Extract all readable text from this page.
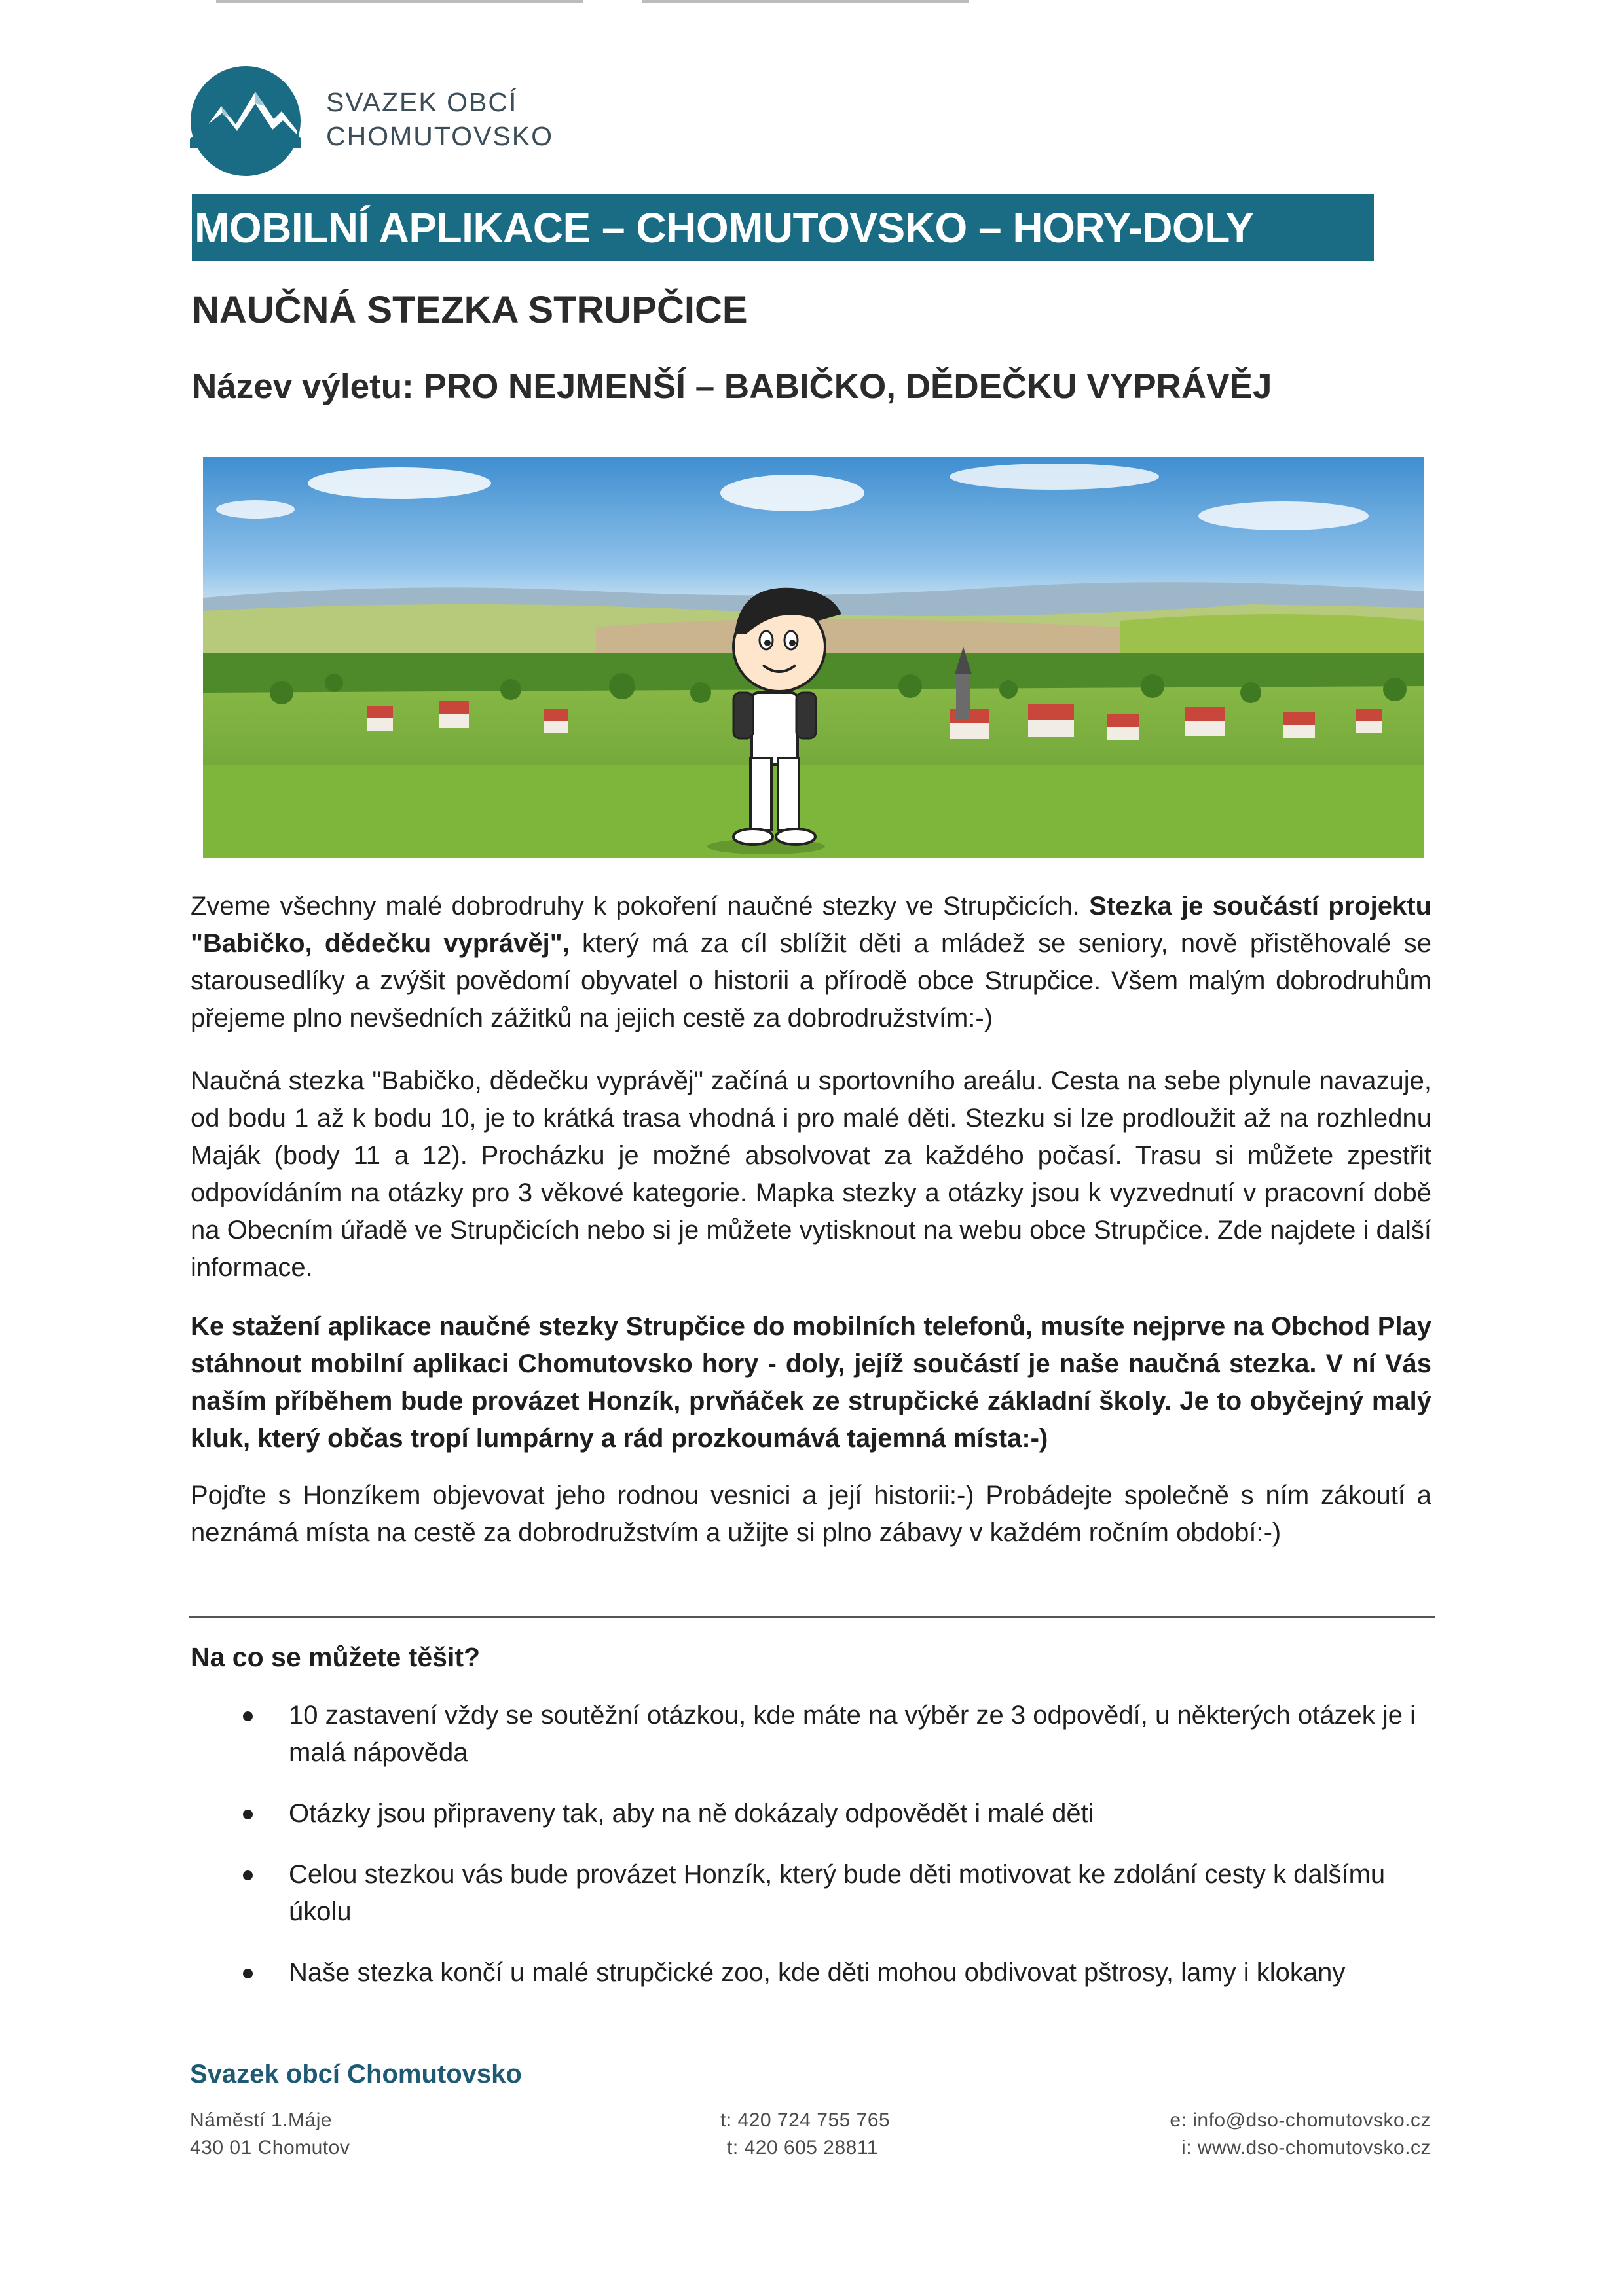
SVAZEK OBCÍ
CHOMUTOVSKO
MOBILNÍ APLIKACE – CHOMUTOVSKO – HORY-DOLY
NAUČNÁ STEZKA STRUPČICE
Název výletu: PRO NEJMENŠÍ – BABIČKO, DĚDEČKU VYPRÁVĚJ
Zveme všechny malé dobrodruhy k pokoření naučné stezky ve Strupčicích. Stezka je součástí projektu "Babičko, dědečku vyprávěj", který má za cíl sblížit děti a mládež se seniory, nově přistěhovalé se starousedlíky a zvýšit povědomí obyvatel o historii a přírodě obce Strupčice. Všem malým dobrodruhům přejeme plno nevšedních zážitků na jejich cestě za dobrodružstvím:-)
Naučná stezka "Babičko, dědečku vyprávěj" začíná u sportovního areálu. Cesta na sebe plynule navazuje, od bodu 1 až k bodu 10, je to krátká trasa vhodná i pro malé děti. Stezku si lze prodloužit až na rozhlednu Maják (body 11 a 12). Procházku je možné absolvovat za každého počasí. Trasu si můžete zpestřit odpovídáním na otázky pro 3 věkové kategorie. Mapka stezky a otázky jsou k vyzvednutí v pracovní době na Obecním úřadě ve Strupčicích nebo si je můžete vytisknout na webu obce Strupčice. Zde najdete i další informace.
Ke stažení aplikace naučné stezky Strupčice do mobilních telefonů, musíte nejprve na Obchod Play stáhnout mobilní aplikaci Chomutovsko hory - doly, jejíž součástí je naše naučná stezka. V ní Vás naším příběhem bude provázet Honzík, prvňáček ze strupčické základní školy. Je to obyčejný malý kluk, který občas tropí lumpárny a rád prozkoumává tajemná místa:-)
Pojďte s Honzíkem objevovat jeho rodnou vesnici a její historii:-) Probádejte společně s ním zákoutí a neznámá místa na cestě za dobrodružstvím a užijte si plno zábavy v každém ročním období:-)
Na co se můžete těšit?
10 zastavení vždy se soutěžní otázkou, kde máte na výběr ze 3 odpovědí, u některých otázek je i malá nápověda
Otázky jsou připraveny tak, aby na ně dokázaly odpovědět i malé děti
Celou stezkou vás bude provázet Honzík, který bude děti motivovat ke zdolání cesty k dalšímu úkolu
Naše stezka končí u malé strupčické zoo, kde děti mohou obdivovat pštrosy, lamy i klokany
Svazek obcí Chomutovsko
Náměstí 1.Máje
430 01 Chomutov
t: 420 724 755 765
t: 420 605 28811
e: info@dso-chomutovsko.cz
i: www.dso-chomutovsko.cz
